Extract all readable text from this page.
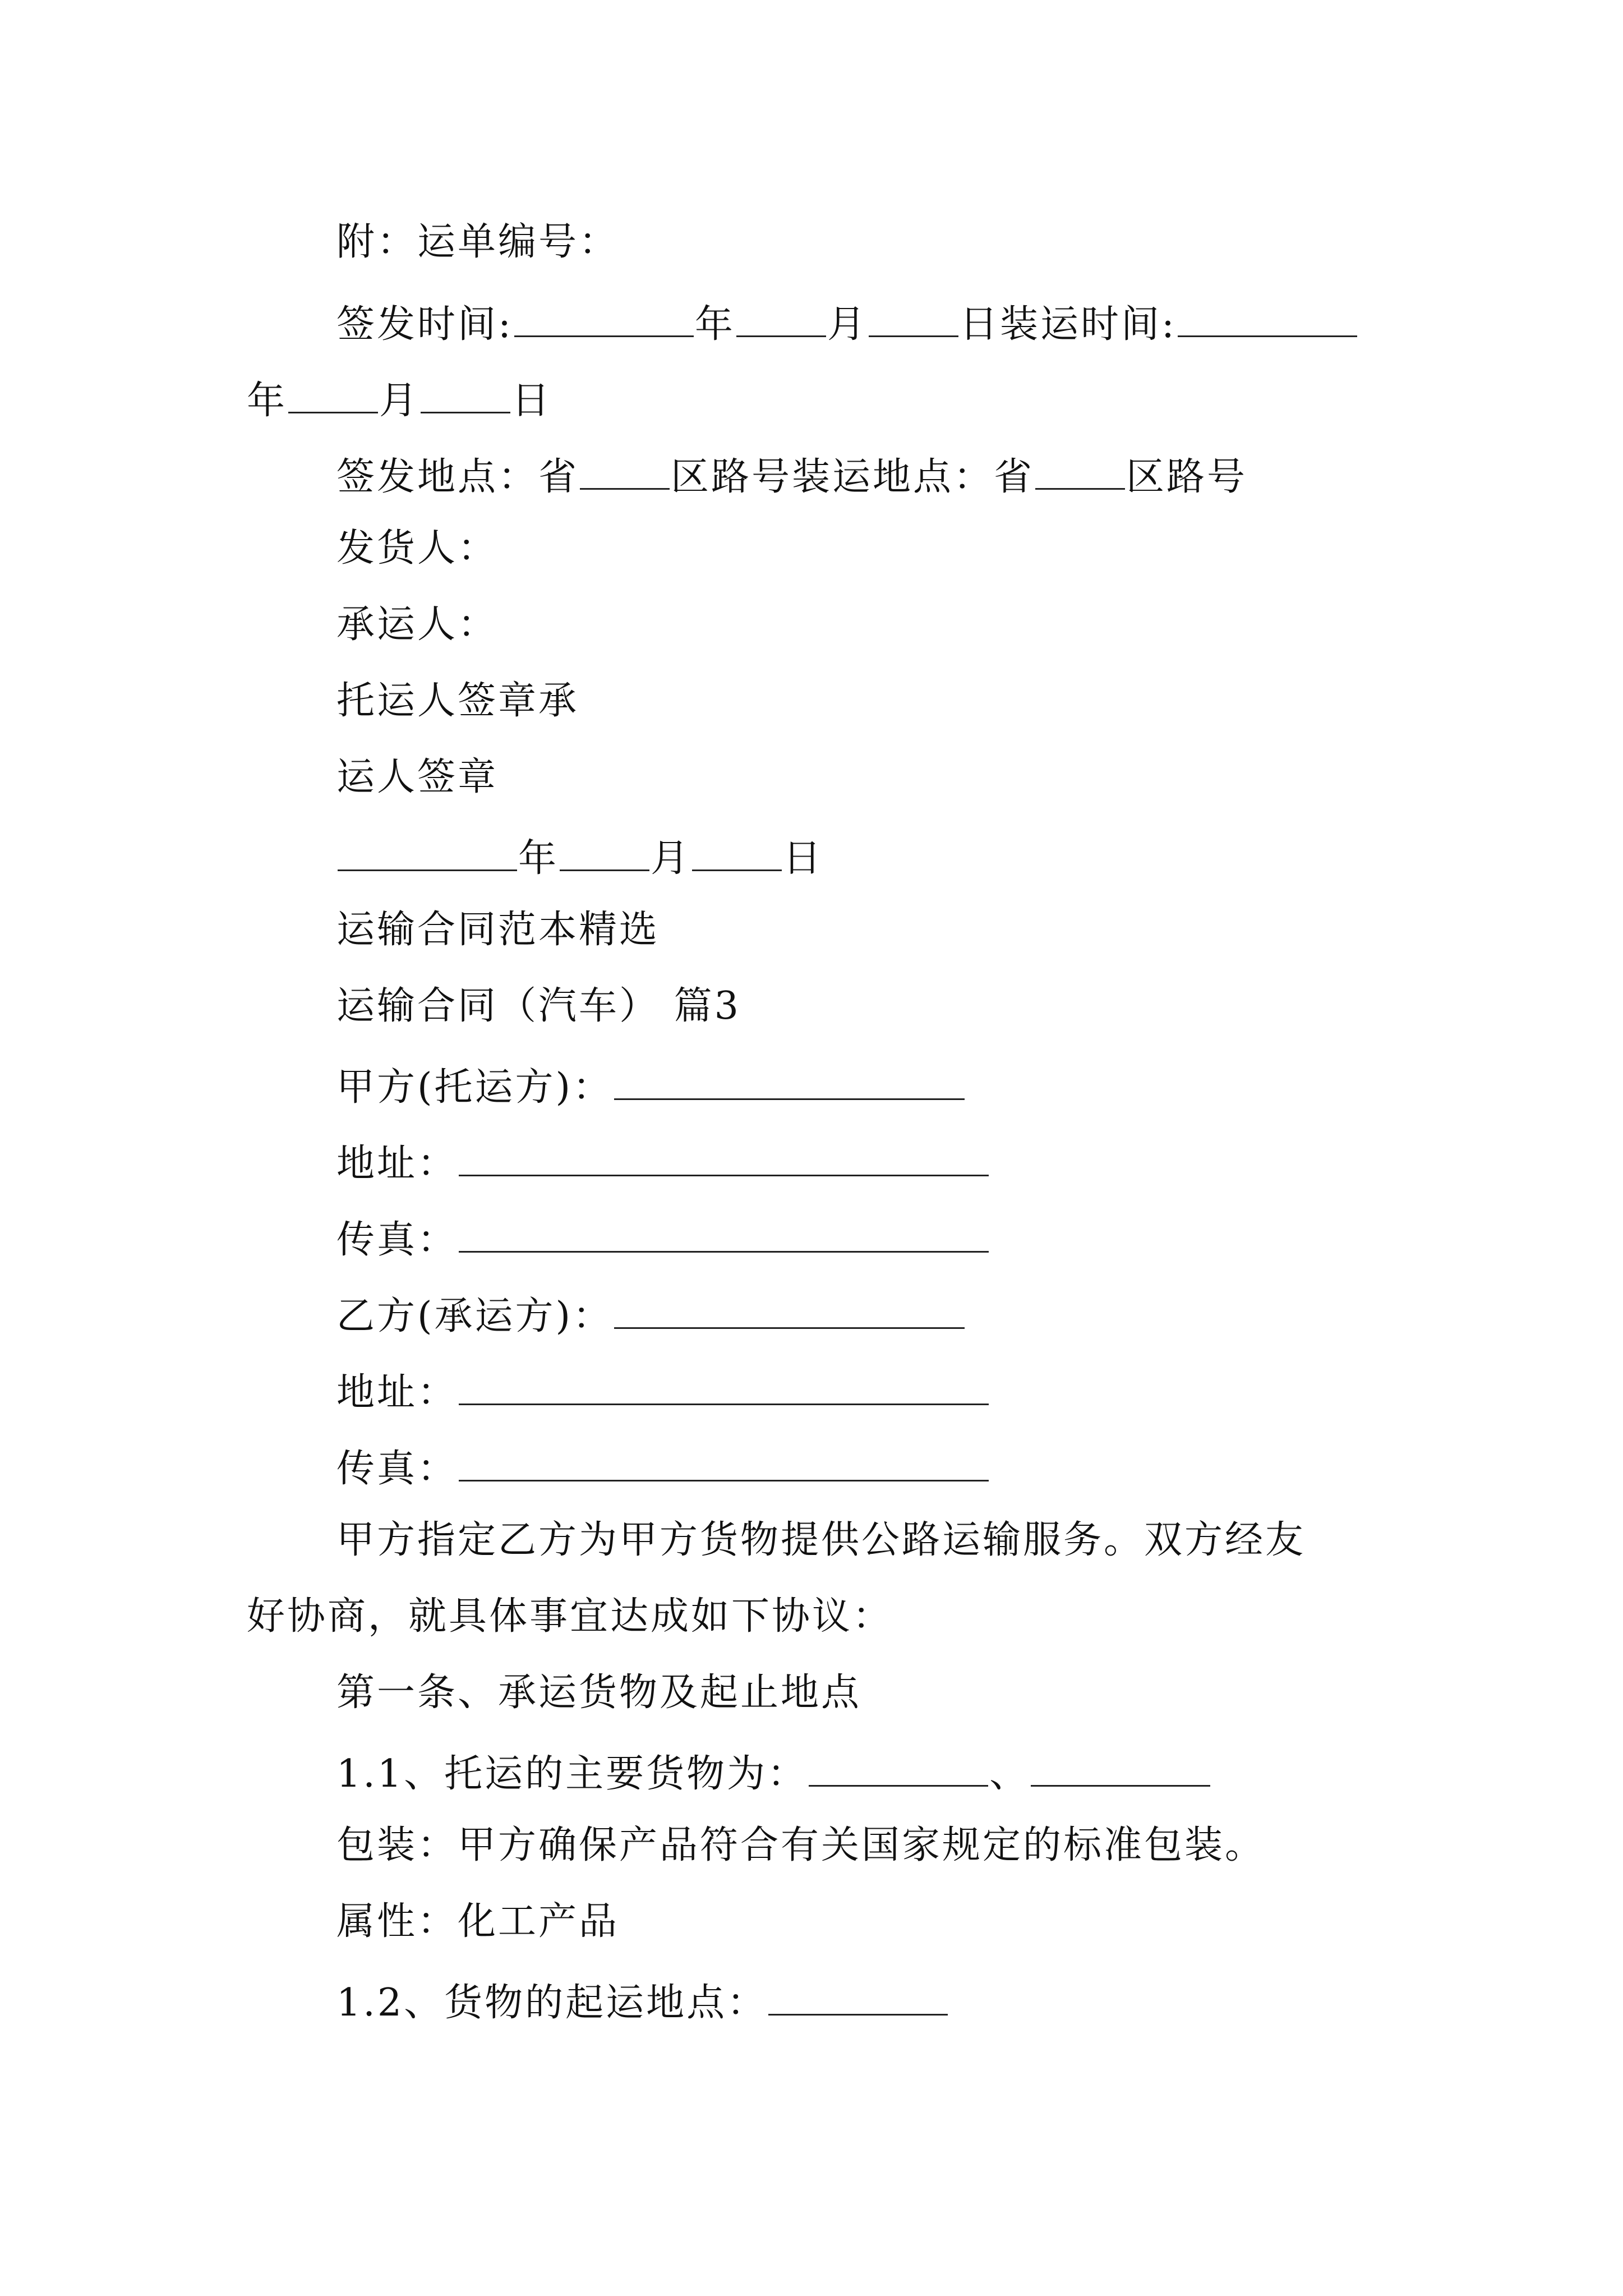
附：运单编号：
签发时间:	年 月 日装运时间:
年 月 日
签发地点：省 区路号装运地点：省 区路号
发货人：
承运人：
托运人签章承
运人签章
年 月 日
运输合同范本精选
运输合同（汽车） 篇3
甲方(托运方)：
地址：
传真：
乙方(承运方)：
地址：
传真：
甲方指定乙方为甲方货物提供公路运输服务。双方经友
好协商，就具体事宜达成如下协议：
第一条、承运货物及起止地点
1.1、托运的主要货物为：	、
包装：甲方确保产品符合有关国家规定的标准包装。
属性：化工产品
1.2、货物的起运地点：
